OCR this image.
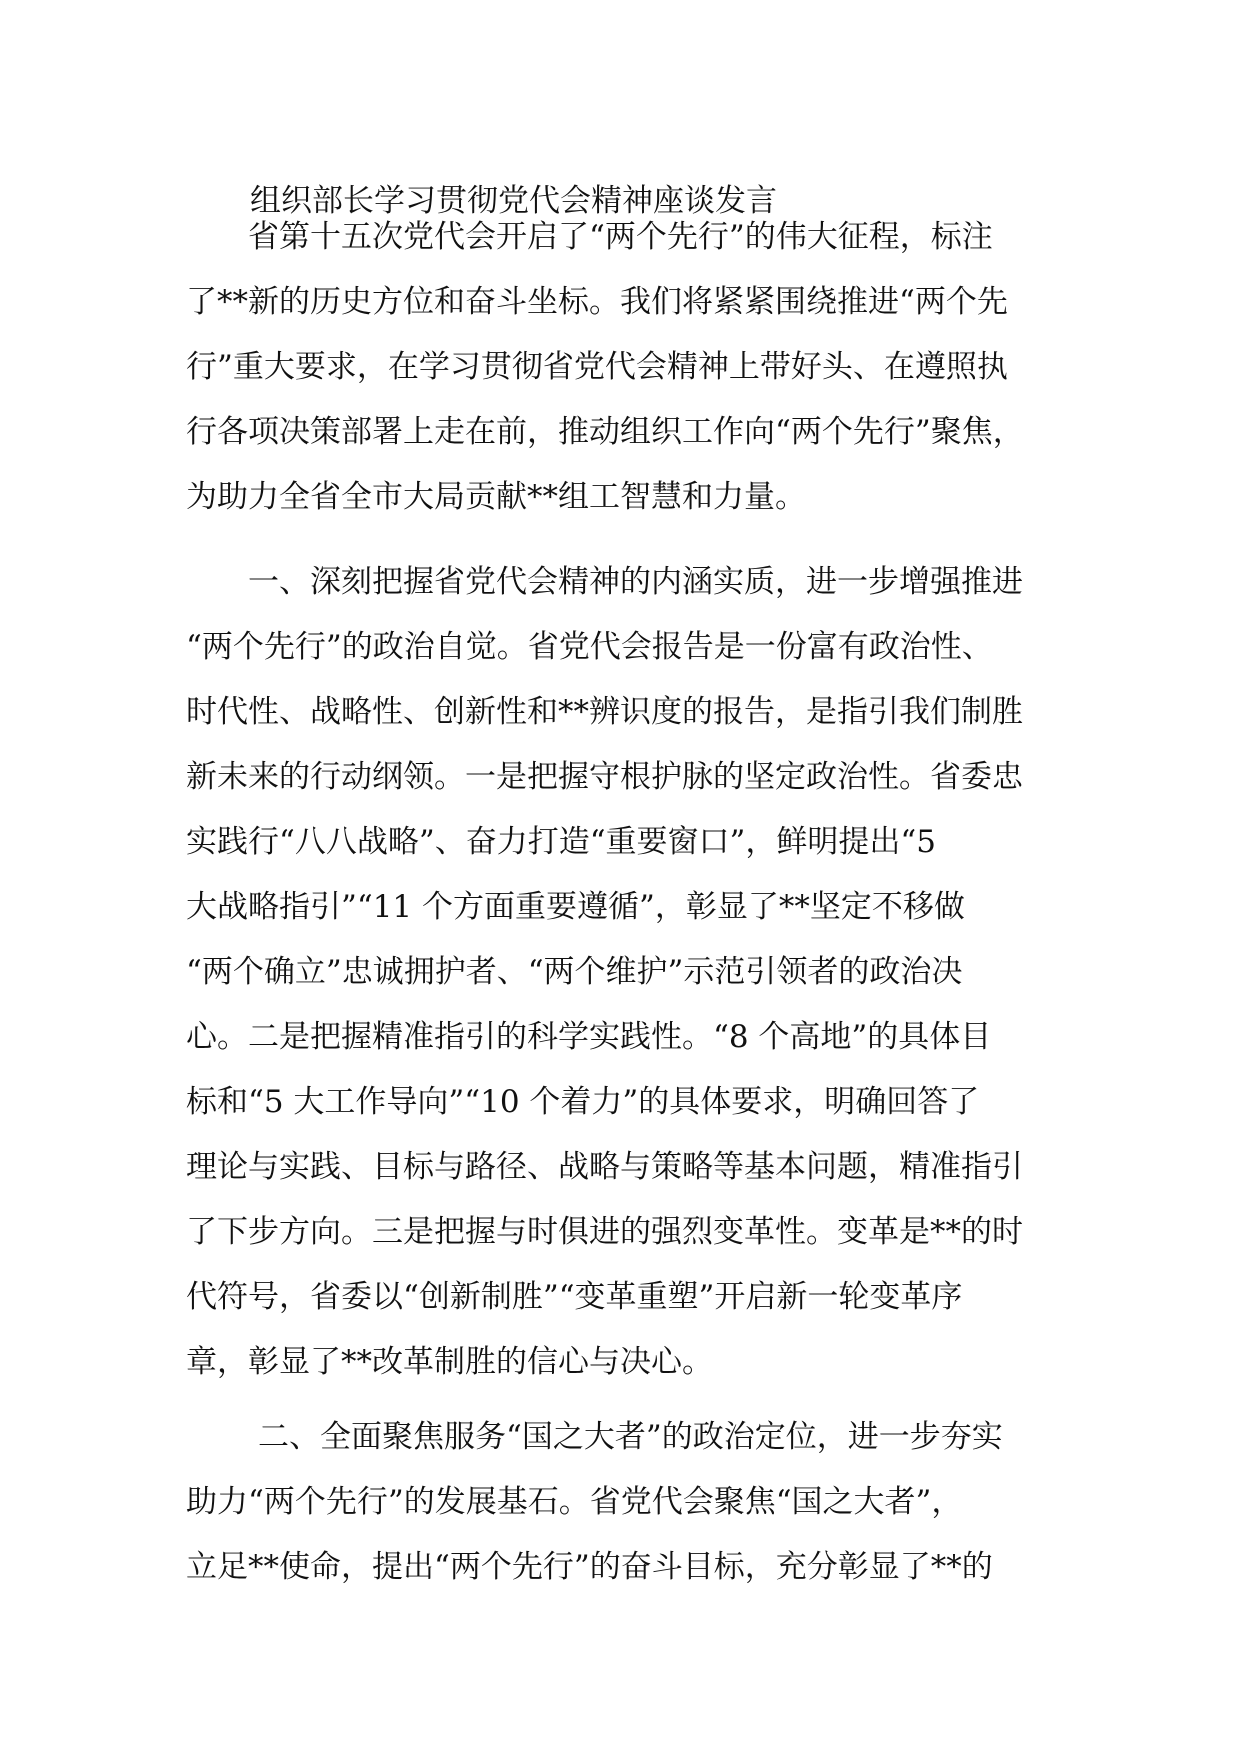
组织部长学习贯彻党代会精神座谈发言
省第十五次党代会开启了“两个先行”的伟大征程，标注
了**新的历史方位和奋斗坐标。我们将紧紧围绕推进“两个先
行”重大要求，在学习贯彻省党代会精神上带好头、在遵照执
行各项决策部署上走在前，推动组织工作向“两个先行”聚焦，
为助力全省全市大局贡献**组工智慧和力量。
一、深刻把握省党代会精神的内涵实质，进一步增强推进
“两个先行”的政治自觉。省党代会报告是一份富有政治性、
时代性、战略性、创新性和**辨识度的报告，是指引我们制胜
新未来的行动纲领。一是把握守根护脉的坚定政治性。省委忠
实践行“八八战略”、奋力打造“重要窗口”，鲜明提出“5
大战略指引”“11 个方面重要遵循”，彰显了**坚定不移做
“两个确立”忠诚拥护者、“两个维护”示范引领者的政治决
心。二是把握精准指引的科学实践性。“8 个高地”的具体目
标和“5 大工作导向”“10 个着力”的具体要求，明确回答了
理论与实践、目标与路径、战略与策略等基本问题，精准指引
了下步方向。三是把握与时俱进的强烈变革性。变革是**的时
代符号，省委以“创新制胜”“变革重塑”开启新一轮变革序
章，彰显了**改革制胜的信心与决心。
二、全面聚焦服务“国之大者”的政治定位，进一步夯实
助力“两个先行”的发展基石。省党代会聚焦“国之大者”，
立足**使命，提出“两个先行”的奋斗目标，充分彰显了**的
